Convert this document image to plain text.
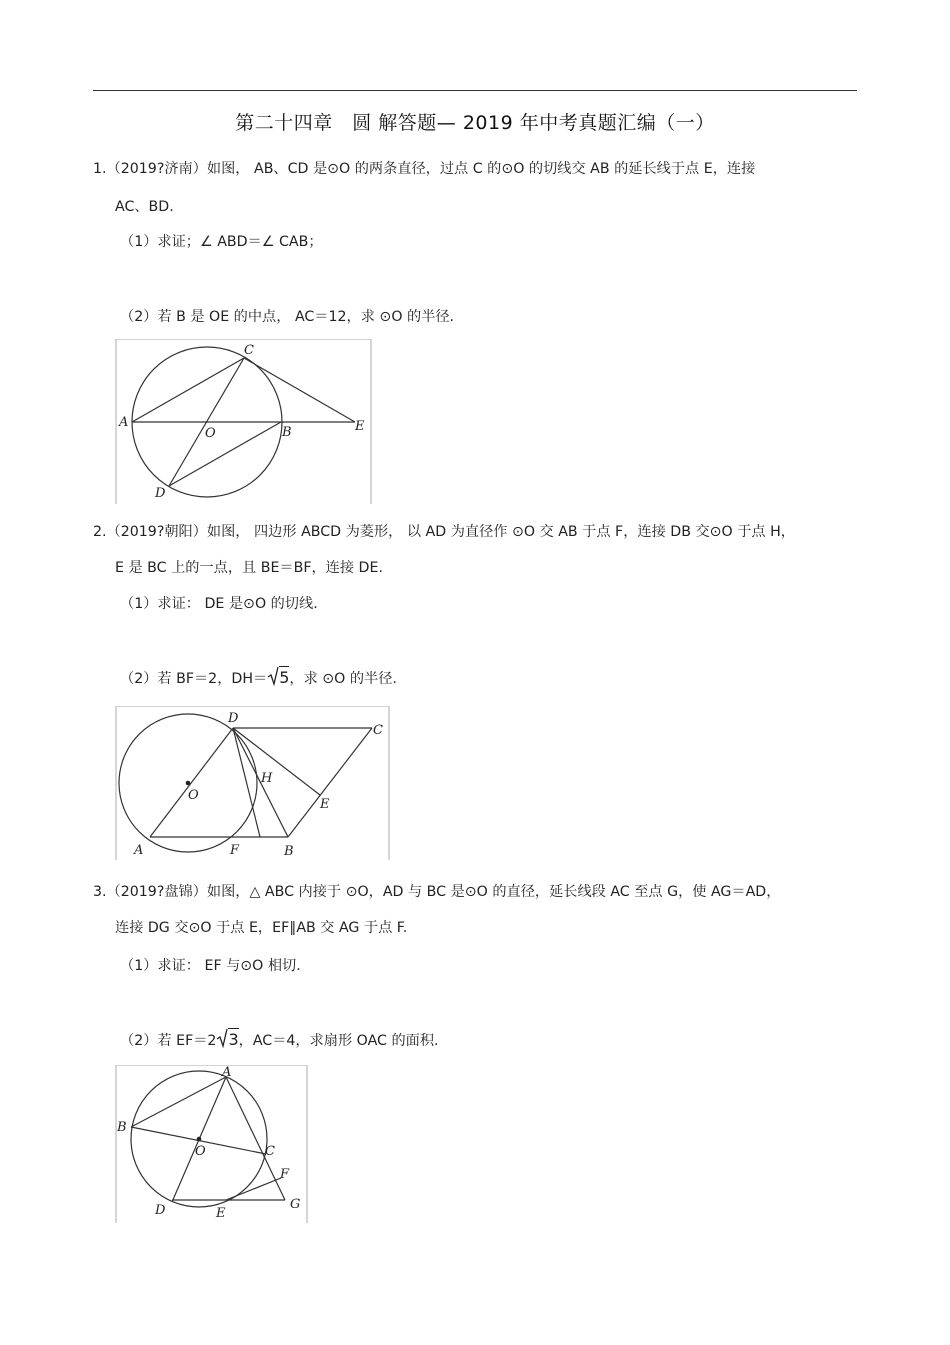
第二十四章　圆 解答题— 2019 年中考真题汇编（一）
1.（2019?济南）如图， AB、CD 是⊙O 的两条直径，过点 C 的⊙O 的切线交 AB 的延长线于点 E，连接
AC、BD.
（1）求证；∠ ABD＝∠ CAB；
（2）若 B 是 OE 的中点， AC＝12，求 ⊙O 的半径.
A
C
O	B	E
D
2.（2019?朝阳）如图， 四边形 ABCD 为菱形， 以 AD 为直径作 ⊙O 交 AB 于点 F，连接 DB 交⊙O 于点 H，
E 是 BC 上的一点，且 BE＝BF，连接 DE.
（1）求证： DE 是⊙O 的切线.
（2）若 BF＝2，DH＝ 5，求 ⊙O 的半径.
D
C
H
O
E
A	F	B
3.（2019?盘锦）如图，△ ABC 内接于 ⊙O，AD 与 BC 是⊙O 的直径，延长线段 AC 至点 G，使 AG＝AD，
连接 DG 交⊙O 于点 E，EF∥AB 交 AG 于点 F.
（1）求证： EF 与⊙O 相切.
（2）若 EF＝2 3，AC＝4，求扇形 OAC 的面积.
A
B
O	C
F
G
D	E
